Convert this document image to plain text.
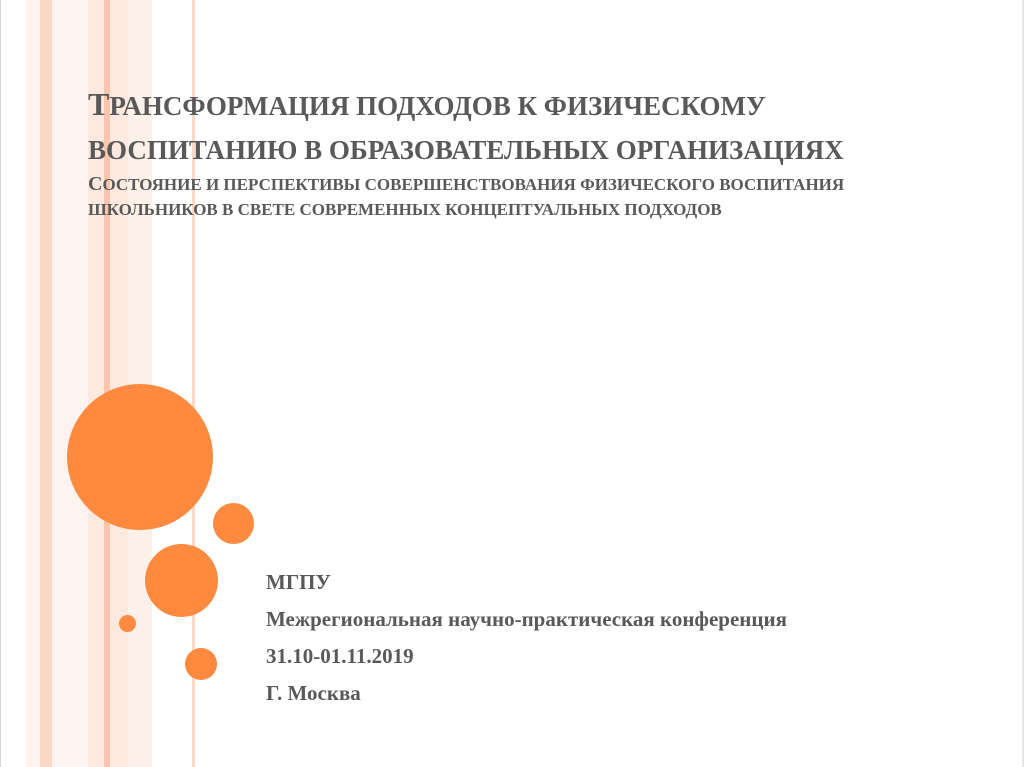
ТРАНСФОРМАЦИЯ ПОДХОДОВ К ФИЗИЧЕСКОМУ ВОСПИТАНИЮ В ОБРАЗОВАТЕЛЬНЫХ ОРГАНИЗАЦИЯХ

СОСТОЯНИЕ И ПЕРСПЕКТИВЫ СОВЕРШЕНСТВОВАНИЯ ФИЗИЧЕСКОГО ВОСПИТАНИЯ ШКОЛЬНИКОВ В СВЕТЕ СОВРЕМЕННЫХ КОНЦЕПТУАЛЬНЫХ ПОДХОДОВ

МГПУ
Межрегиональная научно-практическая конференция
31.10-01.11.2019
Г. Москва
